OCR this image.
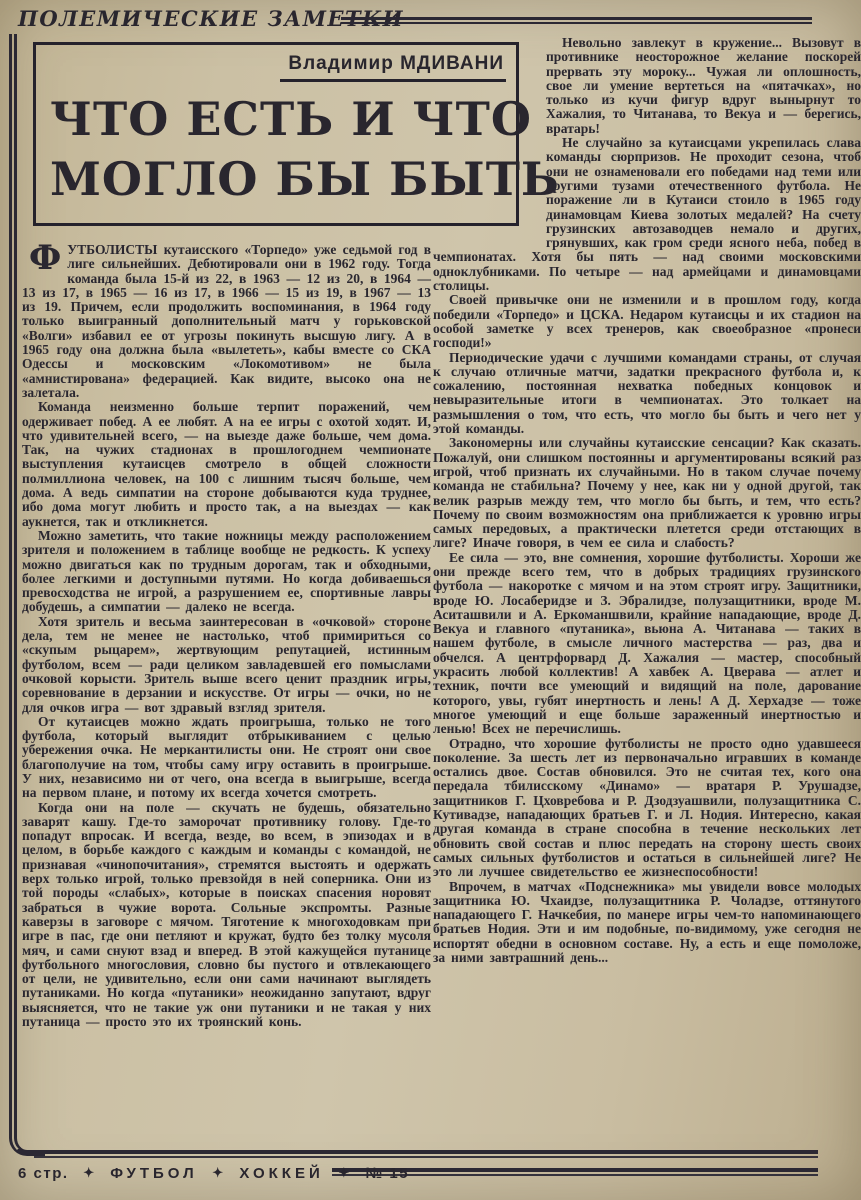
ПОЛЕМИЧЕСКИЕ ЗАМЕТКИ
Владимир МДИВАНИ
ЧТО ЕСТЬ И ЧТО
МОГЛО БЫ БЫТЬ

ФУТБОЛИСТЫ кутаисского «Торпедо» уже седьмой год в лиге сильнейших. Дебютировали они в 1962 году. Тогда команда была 15-й из 22, в 1963 — 12 из 20, в 1964 — 13 из 17, в 1965 — 16 из 17, в 1966 — 15 из 19, в 1967 — 13 из 19. Причем, если продолжить воспоминания, в 1964 году только выигранный дополнительный матч у горьковской «Волги» избавил ее от угрозы покинуть высшую лигу. А в 1965 году она должна была «вылететь», кабы вместе со СКА Одессы и московским «Локомотивом» не была «амнистирована» федерацией. Как видите, высоко она не залетала.

Команда неизменно больше терпит поражений, чем одерживает побед. А ее любят. А на ее игры с охотой ходят. И, что удивительней всего, — на выезде даже больше, чем дома. Так, на чужих стадионах в прошлогоднем чемпионате выступления кутаисцев смотрело в общей сложности полмиллиона человек, на 100 с лишним тысяч больше, чем дома. А ведь симпатии на стороне добываются куда труднее, ибо дома могут любить и просто так, а на выездах — как аукнется, так и откликнется.

Можно заметить, что такие ножницы между расположением зрителя и положением в таблице вообще не редкость. К успеху можно двигаться как по трудным дорогам, так и обходными, более легкими и доступными путями. Но когда добиваешься превосходства не игрой, а разрушением ее, спортивные лавры добудешь, а симпатии — далеко не всегда.

Хотя зритель и весьма заинтересован в «очковой» стороне дела, тем не менее не настолько, чтоб примириться со «скупым рыцарем», жертвующим репутацией, истинным футболом, всем — ради целиком завладевшей его помыслами очковой корысти. Зритель выше всего ценит праздник игры, соревнование в дерзании и искусстве. От игры — очки, но не для очков игра — вот здравый взгляд зрителя.

От кутаисцев можно ждать проигрыша, только не того футбола, который выглядит отбрыкиванием с целью убережения очка. Не меркантилисты они. Не строят они свое благополучие на том, чтобы саму игру оставить в проигрыше. У них, независимо ни от чего, она всегда в выигрыше, всегда на первом плане, и потому их всегда хочется смотреть.

Когда они на поле — скучать не будешь, обязательно заварят кашу. Где-то заморочат противнику голову. Где-то попадут впросак. И всегда, везде, во всем, в эпизодах и в целом, в борьбе каждого с каждым и команды с командой, не признавая «чинопочитания», стремятся выстоять и одержать верх только игрой, только превзойдя в ней соперника. Они из той породы «слабых», которые в поисках спасения норовят забраться в чужие ворота. Сольные экспромты. Разные каверзы в заговоре с мячом. Тяготение к многоходовкам при игре в пас, где они петляют и кружат, будто без толку мусоля мяч, и сами снуют взад и вперед. В этой кажущейся путанице футбольного многословия, словно бы пустого и отвлекающего от цели, не удивительно, если они сами начинают выглядеть путаниками. Но когда «путаники» неожиданно запутают, вдруг выясняется, что не такие уж они путаники и не такая у них путаница — просто это их троянский конь.

Невольно завлекут в кружение... Вызовут в противнике неосторожное желание поскорей прервать эту мороку... Чужая ли оплошность, свое ли умение вертеться на «пятачках», но только из кучи фигур вдруг вынырнут то Хажалия, то Читанава, то Векуа и — берегись, вратарь!

Не случайно за кутаисцами укрепилась слава команды сюрпризов. Не проходит сезона, чтоб они не ознаменовали его победами над теми или другими тузами отечественного футбола. Не поражение ли в Кутаиси стоило в 1965 году динамовцам Киева золотых медалей? На счету грузинских автозаводцев немало и других, грянувших, как гром среди ясного неба, побед в чемпионатах. Хотя бы пять — над своими московскими одноклубниками. По четыре — над армейцами и динамовцами столицы.

Своей привычке они не изменили и в прошлом году, когда победили «Торпедо» и ЦСКА. Недаром кутаисцы и их стадион на особой заметке у всех тренеров, как своеобразное «пронеси господи!»

Периодические удачи с лучшими командами страны, от случая к случаю отличные матчи, задатки прекрасного футбола и, к сожалению, постоянная нехватка победных концовок и невыразительные итоги в чемпионатах. Это толкает на размышления о том, что есть, что могло бы быть и чего нет у этой команды.

Закономерны или случайны кутаисские сенсации? Как сказать. Пожалуй, они слишком постоянны и аргументированы всякий раз игрой, чтоб признать их случайными. Но в таком случае почему команда не стабильна? Почему у нее, как ни у одной другой, так велик разрыв между тем, что могло бы быть, и тем, что есть? Почему по своим возможностям она приближается к уровню игры самых передовых, а практически плетется среди отстающих в лиге? Иначе говоря, в чем ее сила и слабость?

Ее сила — это, вне сомнения, хорошие футболисты. Хороши же они прежде всего тем, что в добрых традициях грузинского футбола — накоротке с мячом и на этом строят игру. Защитники, вроде Ю. Лосаберидзе и З. Эбралидзе, полузащитники, вроде М. Аситашвили и А. Еркоманшвили, крайние нападающие, вроде Д. Векуа и главного «путаника», вьюна А. Читанава — таких в нашем футболе, в смысле личного мастерства — раз, два и обчелся. А центрфорвард Д. Хажалия — мастер, способный украсить любой коллектив! А хавбек А. Цверава — атлет и техник, почти все умеющий и видящий на поле, дарование которого, увы, губят инертность и лень! А Д. Херхадзе — тоже многое умеющий и еще больше зараженный инертностью и ленью! Всех не перечислишь.

Отрадно, что хорошие футболисты не просто одно удавшееся поколение. За шесть лет из первоначально игравших в команде остались двое. Состав обновился. Это не считая тех, кого она передала тбилисскому «Динамо» — вратаря Р. Урушадзе, защитников Г. Цховребова и Р. Дзодзуашвили, полузащитника С. Кутивадзе, нападающих братьев Г. и Л. Нодия. Интересно, какая другая команда в стране способна в течение нескольких лет обновить свой состав и плюс передать на сторону шесть своих самых сильных футболистов и остаться в сильнейшей лиге? Не это ли лучшее свидетельство ее жизнеспособности!

Впрочем, в матчах «Подснежника» мы увидели вовсе молодых защитника Ю. Чхаидзе, полузащитника Р. Чоладзе, оттянутого нападающего Г. Начкебия, по манере игры чем-то напоминающего братьев Нодия. Эти и им подобные, по-видимому, уже сегодня не испортят обедни в основном составе. Ну, а есть и еще помоложе, за ними завтрашний день...

6 стр. ✦ ФУТБОЛ ✦ ХОККЕЙ ✦ № 15
